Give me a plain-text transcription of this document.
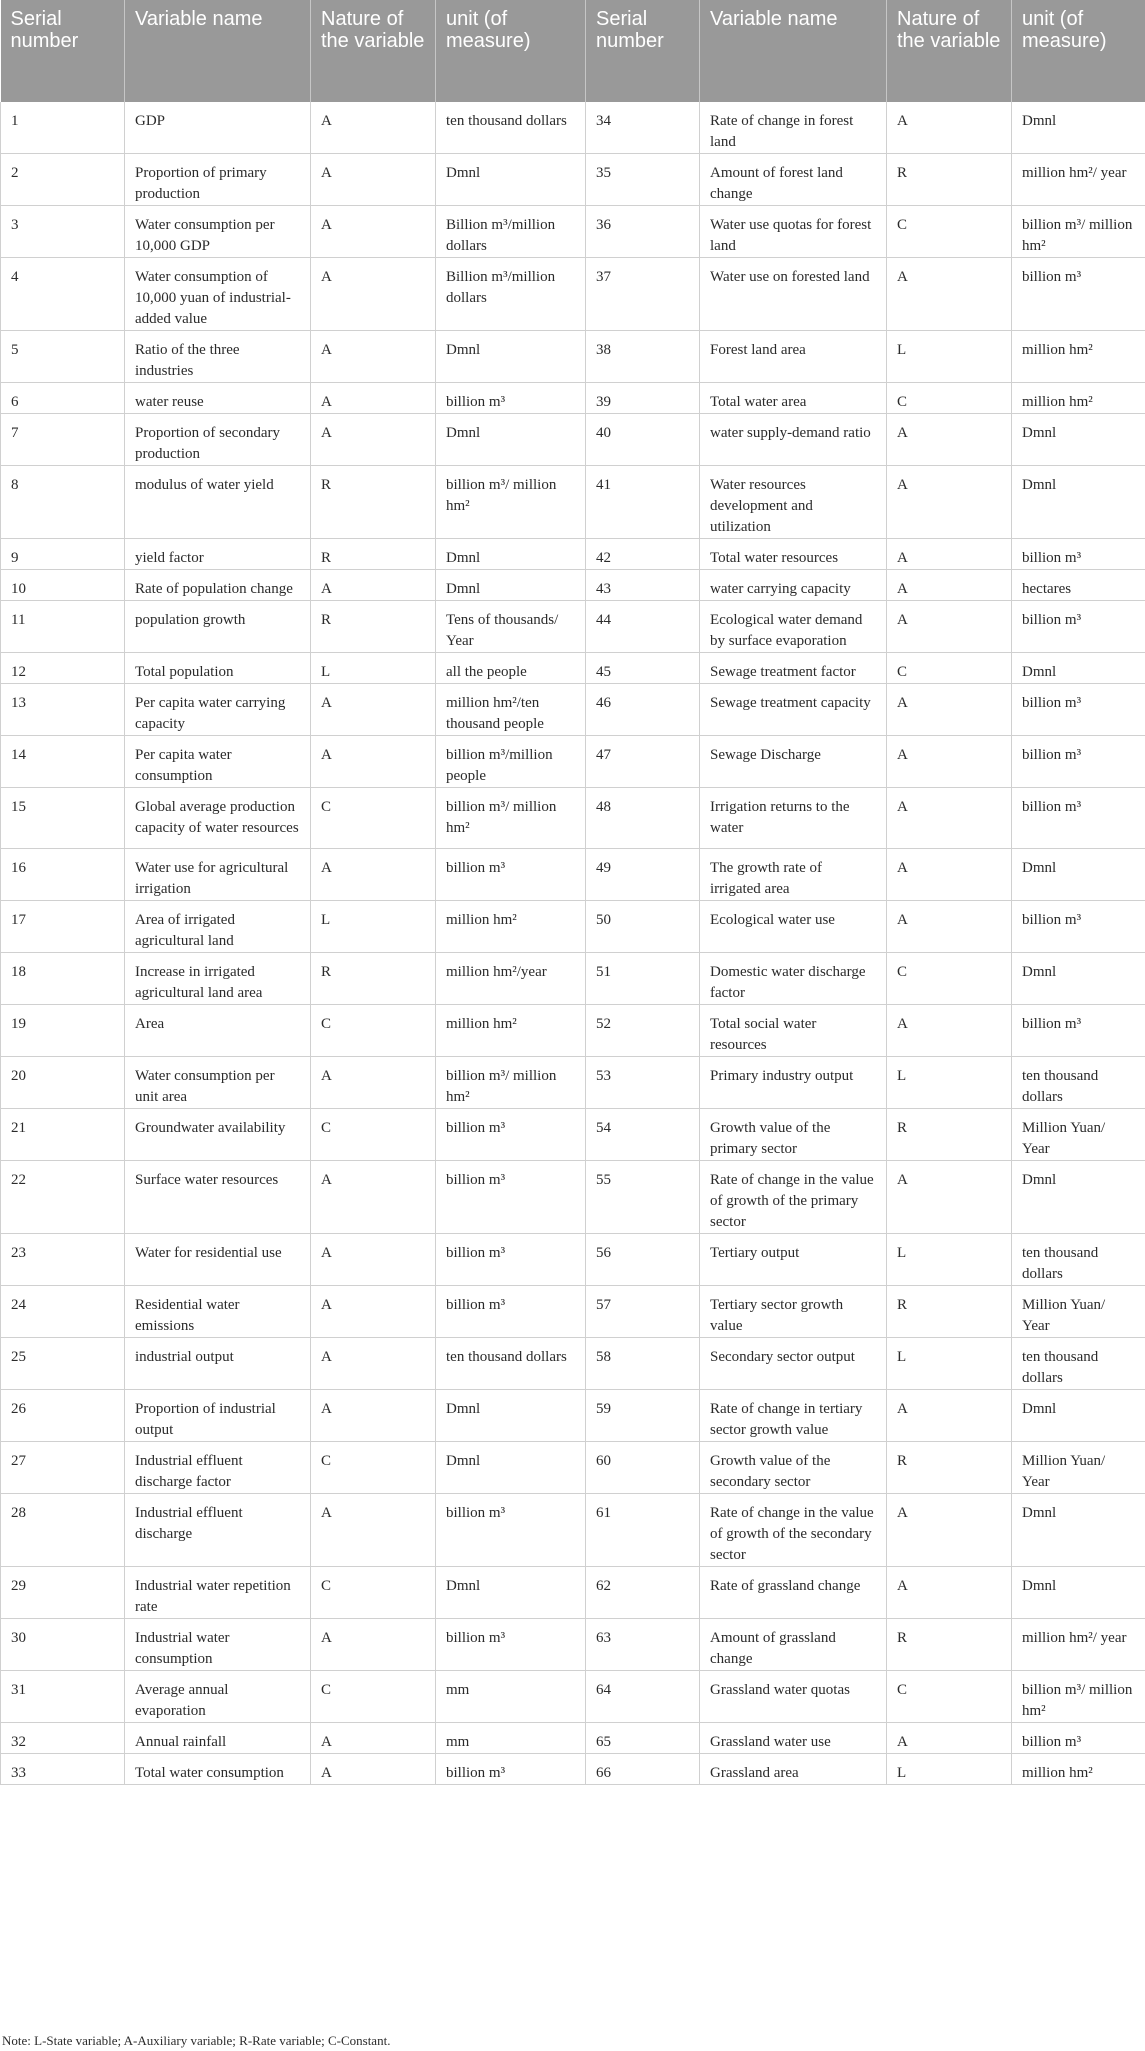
Serial number	Variable name	Nature of the variable	unit (of measure)	Serial number	Variable name	Nature of the variable	unit (of measure)
1	GDP	A	ten thousand dollars	34	Rate of change in forest land	A	Dmnl
2	Proportion of primary production	A	Dmnl	35	Amount of forest land change	R	million hm²/ year
3	Water consumption per 10,000 GDP	A	Billion m³/million dollars	36	Water use quotas for forest land	C	billion m³/ million hm²
4	Water consumption of 10,000 yuan of industrial-added value	A	Billion m³/million dollars	37	Water use on forested land	A	billion m³
5	Ratio of the three industries	A	Dmnl	38	Forest land area	L	million hm²
6	water reuse	A	billion m³	39	Total water area	C	million hm²
7	Proportion of secondary production	A	Dmnl	40	water supply-demand ratio	A	Dmnl
8	modulus of water yield	R	billion m³/ million hm²	41	Water resources development and utilization	A	Dmnl
9	yield factor	R	Dmnl	42	Total water resources	A	billion m³
10	Rate of population change	A	Dmnl	43	water carrying capacity	A	hectares
11	population growth	R	Tens of thousands/ Year	44	Ecological water demand by surface evaporation	A	billion m³
12	Total population	L	all the people	45	Sewage treatment factor	C	Dmnl
13	Per capita water carrying capacity	A	million hm²/ten thousand people	46	Sewage treatment capacity	A	billion m³
14	Per capita water consumption	A	billion m³/million people	47	Sewage Discharge	A	billion m³
15	Global average production capacity of water resources	C	billion m³/ million hm²	48	Irrigation returns to the water	A	billion m³
16	Water use for agricultural irrigation	A	billion m³	49	The growth rate of irrigated area	A	Dmnl
17	Area of irrigated agricultural land	L	million hm²	50	Ecological water use	A	billion m³
18	Increase in irrigated agricultural land area	R	million hm²/year	51	Domestic water discharge factor	C	Dmnl
19	Area	C	million hm²	52	Total social water resources	A	billion m³
20	Water consumption per unit area	A	billion m³/ million hm²	53	Primary industry output	L	ten thousand dollars
21	Groundwater availability	C	billion m³	54	Growth value of the primary sector	R	Million Yuan/ Year
22	Surface water resources	A	billion m³	55	Rate of change in the value of growth of the primary sector	A	Dmnl
23	Water for residential use	A	billion m³	56	Tertiary output	L	ten thousand dollars
24	Residential water emissions	A	billion m³	57	Tertiary sector growth value	R	Million Yuan/ Year
25	industrial output	A	ten thousand dollars	58	Secondary sector output	L	ten thousand dollars
26	Proportion of industrial output	A	Dmnl	59	Rate of change in tertiary sector growth value	A	Dmnl
27	Industrial effluent discharge factor	C	Dmnl	60	Growth value of the secondary sector	R	Million Yuan/ Year
28	Industrial effluent discharge	A	billion m³	61	Rate of change in the value of growth of the secondary sector	A	Dmnl
29	Industrial water repetition rate	C	Dmnl	62	Rate of grassland change	A	Dmnl
30	Industrial water consumption	A	billion m³	63	Amount of grassland change	R	million hm²/ year
31	Average annual evaporation	C	mm	64	Grassland water quotas	C	billion m³/ million hm²
32	Annual rainfall	A	mm	65	Grassland water use	A	billion m³
33	Total water consumption	A	billion m³	66	Grassland area	L	million hm²
Note: L-State variable; A-Auxiliary variable; R-Rate variable; C-Constant.
